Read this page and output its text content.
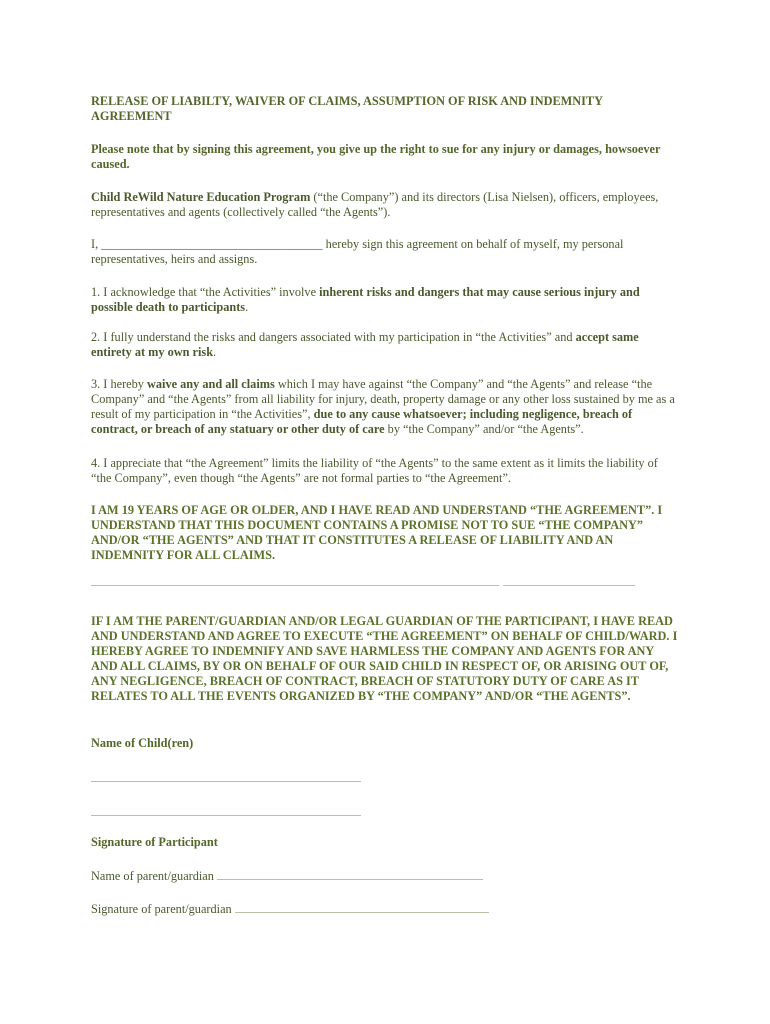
RELEASE OF LIABILTY, WAIVER OF CLAIMS, ASSUMPTION OF RISK AND INDEMNITY AGREEMENT
Please note that by signing this agreement, you give up the right to sue for any injury or damages, howsoever caused.
Child ReWild Nature Education Program (“the Company”) and its directors (Lisa Nielsen), officers, employees, representatives and agents (collectively called “the Agents”).
I, ____________________________________ hereby sign this agreement on behalf of myself, my personal representatives, heirs and assigns.
1. I acknowledge that “the Activities” involve inherent risks and dangers that may cause serious injury and possible death to participants.
2. I fully understand the risks and dangers associated with my participation in “the Activities” and accept same entirety at my own risk.
3. I hereby waive any and all claims which I may have against “the Company” and “the Agents” and release “the Company” and “the Agents” from all liability for injury, death, property damage or any other loss sustained by me as a result of my participation in “the Activities”, due to any cause whatsoever; including negligence, breach of contract, or breach of any statuary or other duty of care by “the Company” and/or “the Agents”.
4. I appreciate that “the Agreement” limits the liability of “the Agents” to the same extent as it limits the liability of “the Company”, even though “the Agents” are not formal parties to “the Agreement”.
I AM 19 YEARS OF AGE OR OLDER, AND I HAVE READ AND UNDERSTAND “THE AGREEMENT”. I UNDERSTAND THAT THIS DOCUMENT CONTAINS A PROMISE NOT TO SUE “THE COMPANY” AND/OR “THE AGENTS” AND THAT IT CONSTITUTES A RELEASE OF LIABILITY AND AN INDEMNITY FOR ALL CLAIMS.
IF I AM THE PARENT/GUARDIAN AND/OR LEGAL GUARDIAN OF THE PARTICIPANT, I HAVE READ AND UNDERSTAND AND AGREE TO EXECUTE “THE AGREEMENT” ON BEHALF OF CHILD/WARD. I HEREBY AGREE TO INDEMNIFY AND SAVE HARMLESS THE COMPANY AND AGENTS FOR ANY AND ALL CLAIMS, BY OR ON BEHALF OF OUR SAID CHILD IN RESPECT OF, OR ARISING OUT OF, ANY NEGLIGENCE, BREACH OF CONTRACT, BREACH OF STATUTORY DUTY OF CARE AS IT RELATES TO ALL THE EVENTS ORGANIZED BY “THE COMPANY” AND/OR “THE AGENTS”.
Name of Child(ren)
Signature of Participant
Name of parent/guardian
Signature of parent/guardian
